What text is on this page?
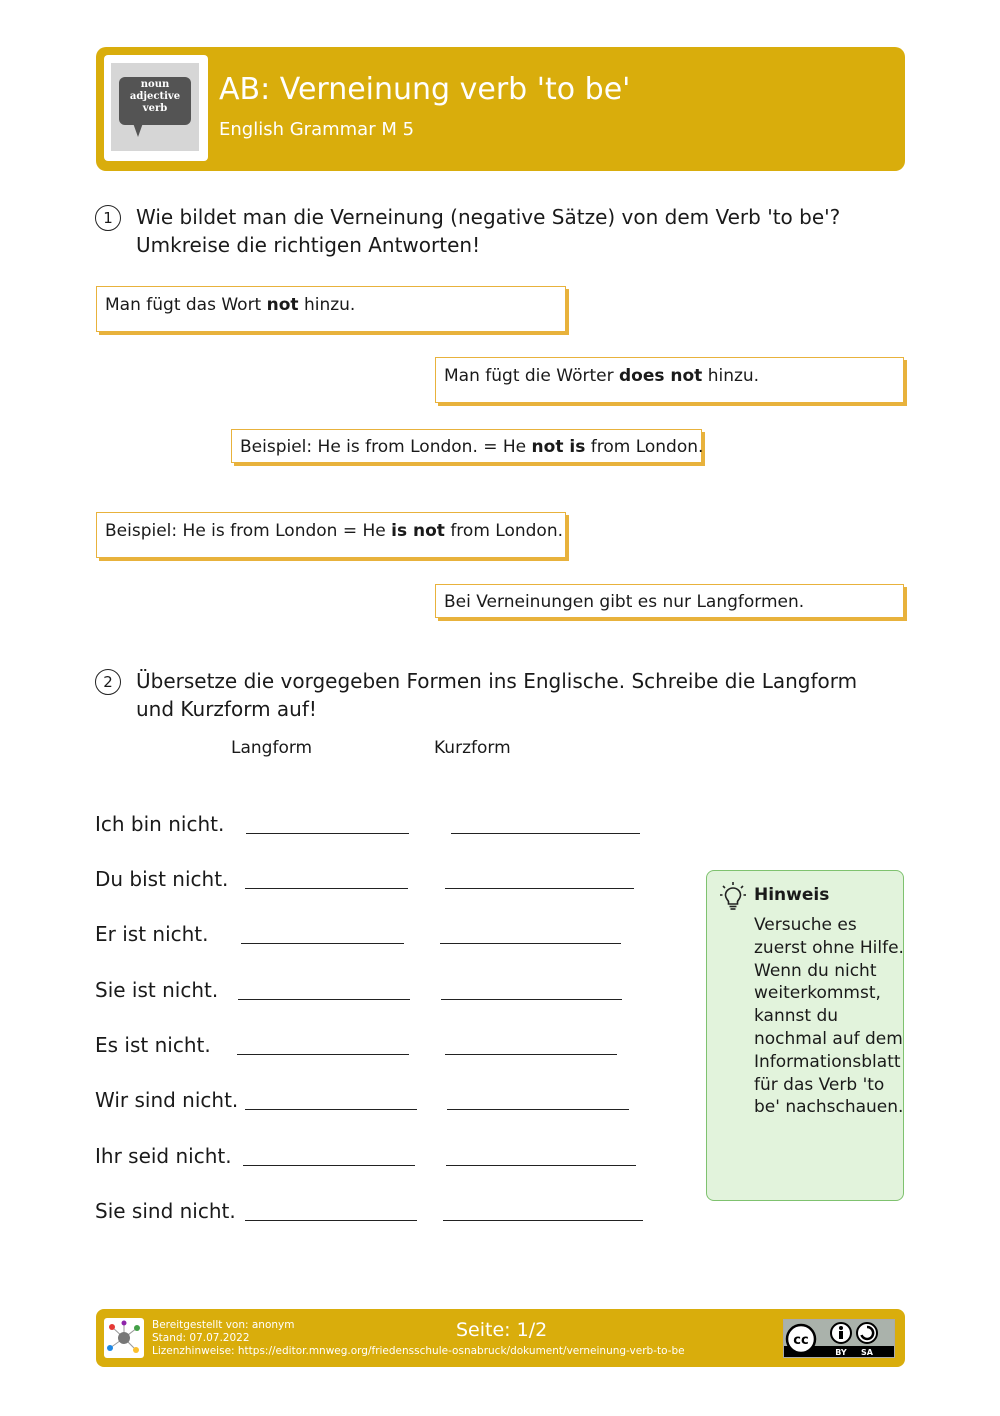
noun
adjective
verb
AB: Verneinung verb 'to be'
English Grammar M 5
1	Wie bildet man die Verneinung (negative Sätze) von dem Verb 'to be'? Umkreise die richtigen Antworten!
Man fügt das Wort not hinzu.
Man fügt die Wörter does not hinzu.
Beispiel: He is from London. = He not is from London.
Beispiel: He is from London = He is not from London.
Bei Verneinungen gibt es nur Langformen.
2	Übersetze die vorgegeben Formen ins Englische. Schreibe die Langform und Kurzform auf!
Langform	Kurzform
Ich bin nicht.
Du bist nicht.
Er ist nicht.
Sie ist nicht.
Es ist nicht.
Wir sind nicht.
Ihr seid nicht.
Sie sind nicht.
Hinweis
Versuche es zuerst ohne Hilfe. Wenn du nicht weiterkommst, kannst du nochmal auf dem Informationsblatt für das Verb 'to be' nachschauen.
Bereitgestellt von: anonym
Stand: 07.07.2022
Lizenzhinweise: https://editor.mnweg.org/friedensschule-osnabruck/dokument/verneinung-verb-to-be
Seite: 1/2	cc
BY SA
